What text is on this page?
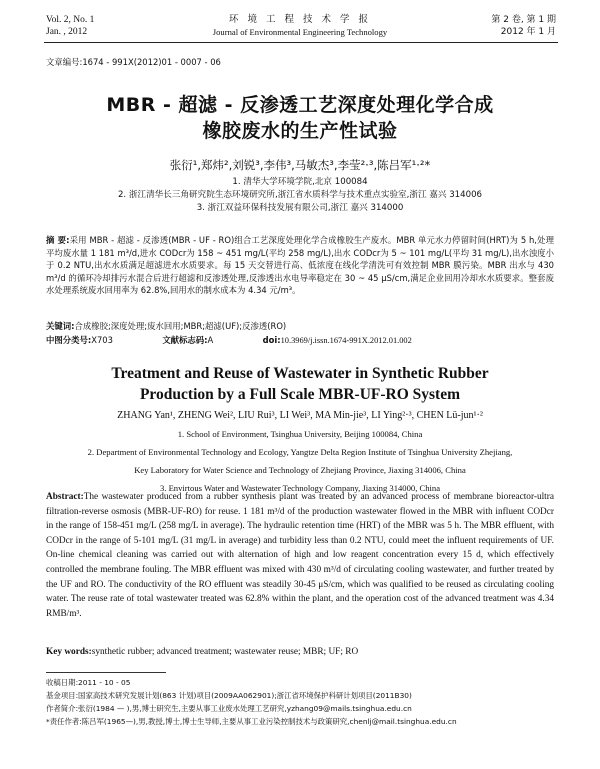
Vol. 2, No. 1
Jan. , 2012
环 境 工 程 技 术 学 报
Journal of Environmental Engineering Technology
第 2 卷, 第 1 期
2012 年 1 月
文章编号:1674 - 991X(2012)01 - 0007 - 06
MBR - 超滤 - 反渗透工艺深度处理化学合成
橡胶废水的生产性试验
张衍¹,郑炜²,刘锐³,李伟³,马敏杰³,李莹²·³,陈吕军¹·²*
1. 清华大学环境学院,北京 100084
2. 浙江清华长三角研究院生态环境研究所,浙江省水质科学与技术重点实验室,浙江 嘉兴 314006
3. 浙江双益环保科技发展有限公司,浙江 嘉兴 314000
摘 要:采用 MBR - 超滤 - 反渗透(MBR - UF - RO)组合工艺深度处理化学合成橡胶生产废水。MBR 单元水力停留时间(HRT)为 5 h,处理平均废水量 1 181 m³/d,进水 CODcr为 158 ~ 451 mg/L(平均 258 mg/L),出水 CODcr为 5 ~ 101 mg/L(平均 31 mg/L),出水浊度小于 0.2 NTU,出水水质满足超滤进水水质要求。每 15 天交替进行高、低浓度在线化学清洗可有效控制 MBR 膜污染。MBR 出水与 430 m³/d 的循环冷却排污水混合后进行超滤和反渗透处理,反渗透出水电导率稳定在 30 ~ 45 μS/cm,满足企业回用冷却水水质要求。整套废水处理系统废水回用率为 62.8%,回用水的制水成本为 4.34 元/m³。
关键词:合成橡胶;深度处理;废水回用;MBR;超滤(UF);反渗透(RO)
中图分类号:X703	文献标志码:A	doi:10.3969/j.issn.1674-991X.2012.01.002
Treatment and Reuse of Wastewater in Synthetic Rubber
Production by a Full Scale MBR-UF-RO System
ZHANG Yan¹, ZHENG Wei², LIU Rui³, LI Wei³, MA Min-jie³, LI Ying²·³, CHEN Lü-jun¹·²
1. School of Environment, Tsinghua University, Beijing 100084, China
2. Department of Environmental Technology and Ecology, Yangtze Delta Region Institute of Tsinghua University Zhejiang,
Key Laboratory for Water Science and Technology of Zhejiang Province, Jiaxing 314006, China
3. Envirtous Water and Wastewater Technology Company, Jiaxing 314000, China
Abstract:The wastewater produced from a rubber synthesis plant was treated by an advanced process of membrane bioreactor-ultra filtration-reverse osmosis (MBR-UF-RO) for reuse. 1 181 m³/d of the production wastewater flowed in the MBR with influent CODcr in the range of 158-451 mg/L (258 mg/L in average). The hydraulic retention time (HRT) of the MBR was 5 h. The MBR effluent, with CODcr in the range of 5-101 mg/L (31 mg/L in average) and turbidity less than 0.2 NTU, could meet the influent requirements of UF. On-line chemical cleaning was carried out with alternation of high and low reagent concentration every 15 d, which effectively controlled the membrane fouling. The MBR effluent was mixed with 430 m³/d of circulating cooling wastewater, and further treated by the UF and RO. The conductivity of the RO effluent was steadily 30-45 μS/cm, which was qualified to be reused as circulating cooling water. The reuse rate of total wastewater treated was 62.8% within the plant, and the operation cost of the advanced treatment was 4.34 RMB/m³.
Key words:synthetic rubber; advanced treatment; wastewater reuse; MBR; UF; RO
收稿日期:2011 - 10 - 05
基金项目:国家高技术研究发展计划(863 计划)项目(2009AA062901);浙江省环境保护科研计划项目(2011B30)
作者简介:张衍(1984 — ),男,博士研究生,主要从事工业废水处理工艺研究,yzhang09@mails.tsinghua.edu.cn
*责任作者:陈吕军(1965—),男,教授,博士,博士生导师,主要从事工业污染控制技术与政策研究,chenlj@mail.tsinghua.edu.cn
